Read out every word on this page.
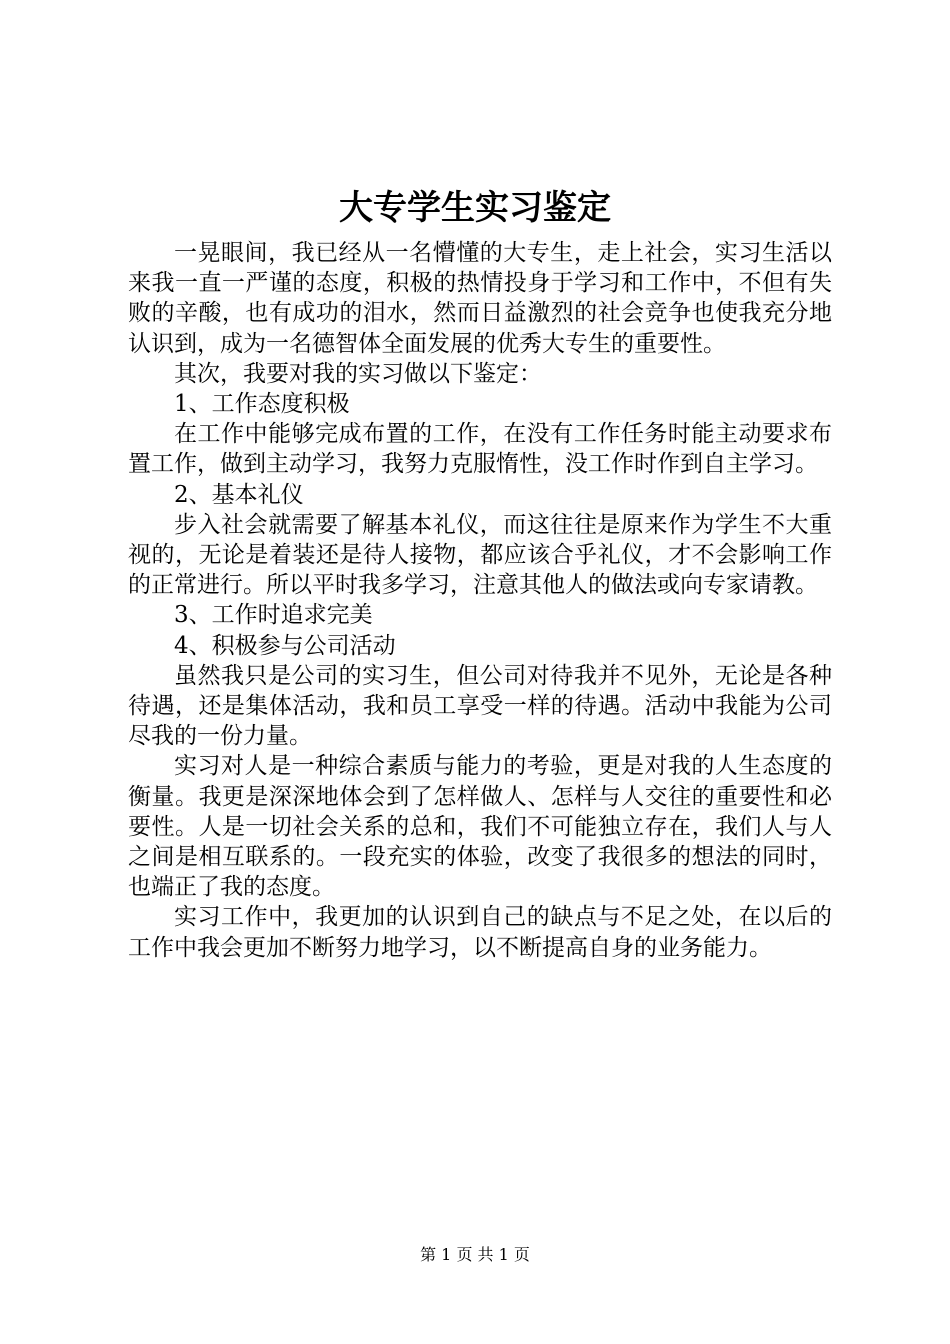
大专学生实习鉴定

一晃眼间，我已经从一名懵懂的大专生，走上社会，实习生活以来我一直一严谨的态度，积极的热情投身于学习和工作中，不但有失败的辛酸，也有成功的泪水，然而日益激烈的社会竞争也使我充分地认识到，成为一名德智体全面发展的优秀大专生的重要性。

其次，我要对我的实习做以下鉴定：

1、工作态度积极

在工作中能够完成布置的工作，在没有工作任务时能主动要求布置工作，做到主动学习，我努力克服惰性，没工作时作到自主学习。

2、基本礼仪

步入社会就需要了解基本礼仪，而这往往是原来作为学生不大重视的，无论是着装还是待人接物，都应该合乎礼仪，才不会影响工作的正常进行。所以平时我多学习，注意其他人的做法或向专家请教。

3、工作时追求完美

4、积极参与公司活动

虽然我只是公司的实习生，但公司对待我并不见外，无论是各种待遇，还是集体活动，我和员工享受一样的待遇。活动中我能为公司尽我的一份力量。

实习对人是一种综合素质与能力的考验，更是对我的人生态度的衡量。我更是深深地体会到了怎样做人、怎样与人交往的重要性和必要性。人是一切社会关系的总和，我们不可能独立存在，我们人与人之间是相互联系的。一段充实的体验，改变了我很多的想法的同时，也端正了我的态度。

实习工作中，我更加的认识到自己的缺点与不足之处，在以后的工作中我会更加不断努力地学习，以不断提高自身的业务能力。

第 1 页 共 1 页
